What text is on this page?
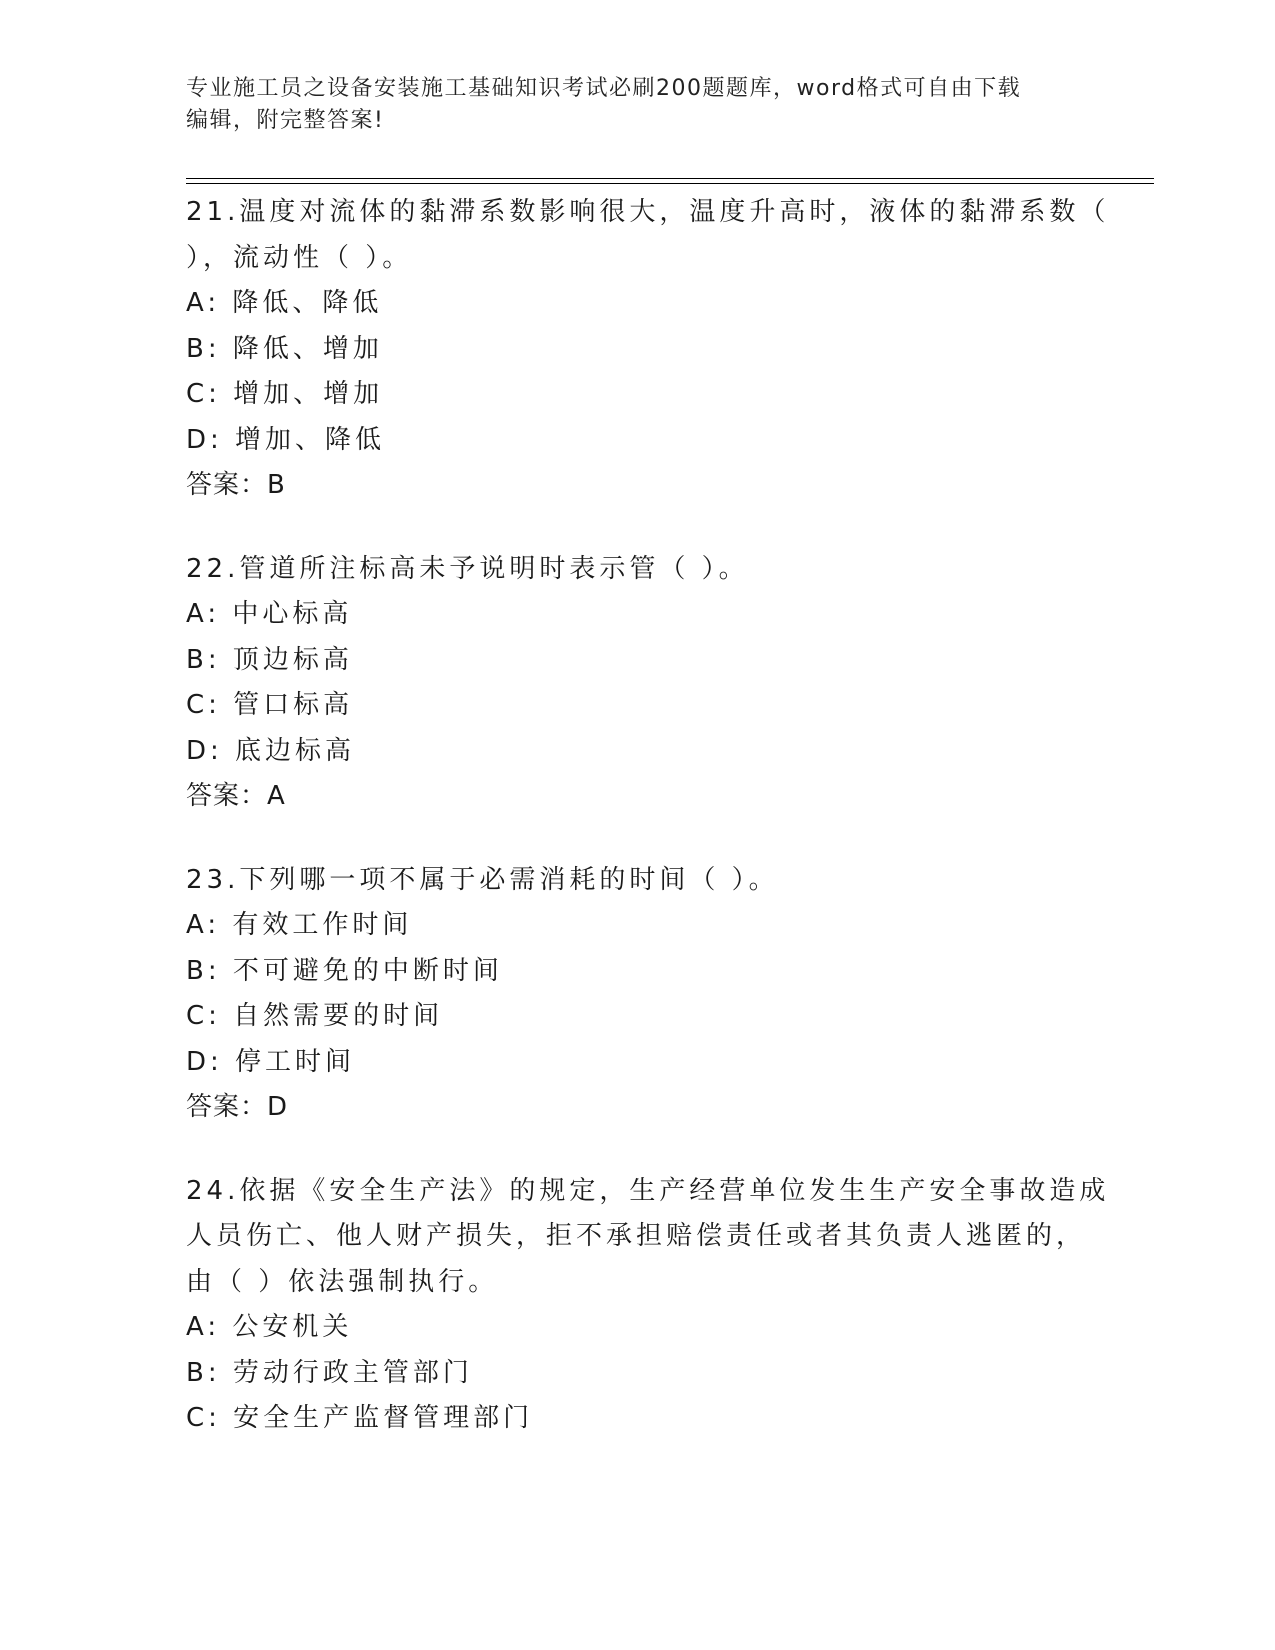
专业施工员之设备安装施工基础知识考试必刷200题题库，word格式可自由下载
编辑，附完整答案!
21.温度对流体的黏滞系数影响很大，温度升高时，液体的黏滞系数（
），流动性（ ）。
A: 降低、降低
B: 降低、增加
C: 增加、增加
D: 增加、降低
答案：B
22.管道所注标高未予说明时表示管（ ）。
A: 中心标高
B: 顶边标高
C: 管口标高
D: 底边标高
答案：A
23.下列哪一项不属于必需消耗的时间（ ）。
A: 有效工作时间
B: 不可避免的中断时间
C: 自然需要的时间
D: 停工时间
答案：D
24.依据《安全生产法》的规定，生产经营单位发生生产安全事故造成
人员伤亡、他人财产损失，拒不承担赔偿责任或者其负责人逃匿的，
由（ ）依法强制执行。
A: 公安机关
B: 劳动行政主管部门
C: 安全生产监督管理部门
